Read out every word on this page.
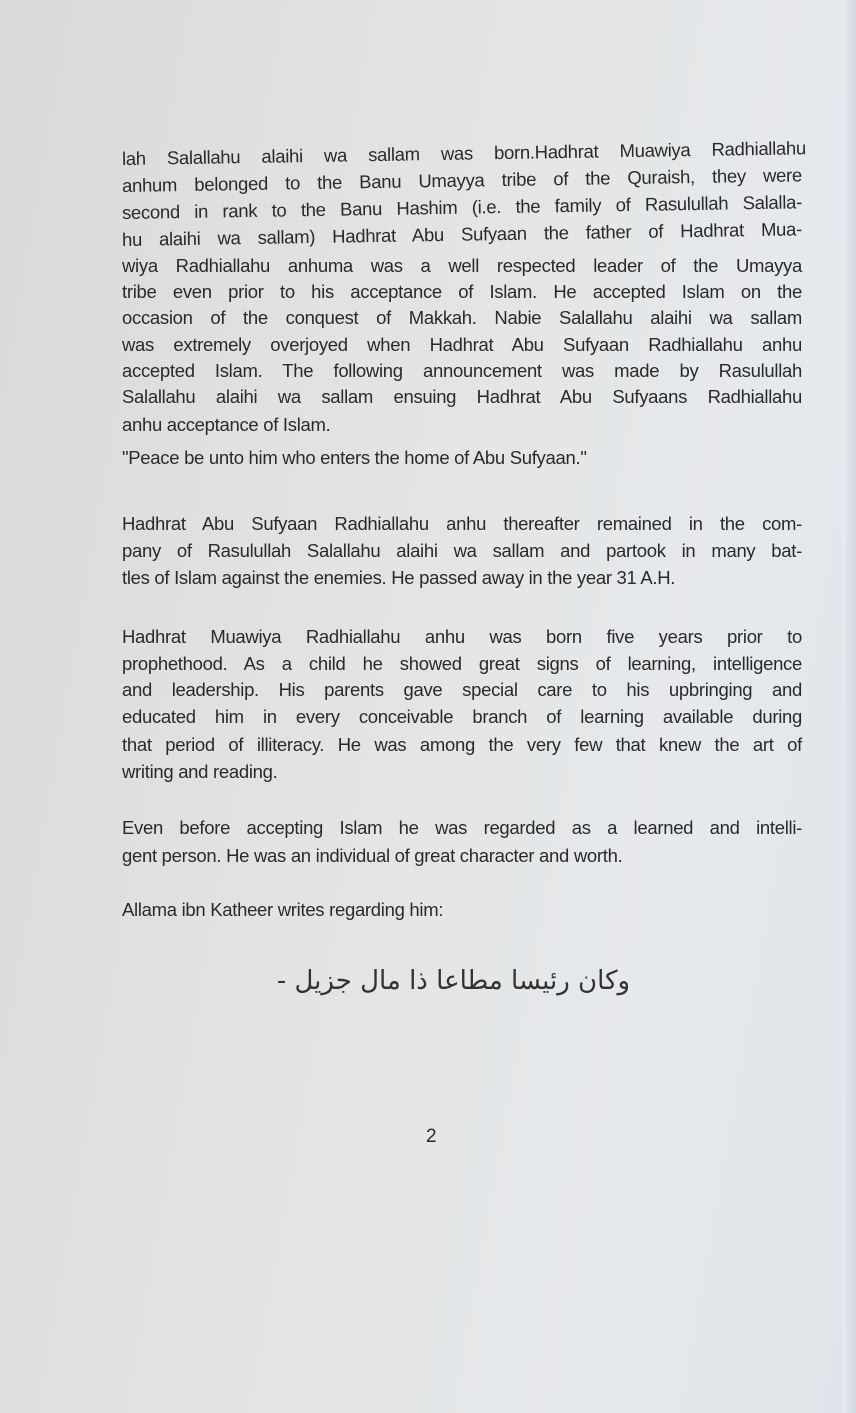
lah Salallahu alaihi wa sallam was born.Hadhrat Muawiya Radhiallahu
anhum belonged to the Banu Umayya tribe of the Quraish, they were
second in rank to the Banu Hashim (i.e. the family of Rasulullah Salalla-
hu alaihi wa sallam) Hadhrat Abu Sufyaan the father of Hadhrat Mua-
wiya Radhiallahu anhuma was a well respected leader of the Umayya
tribe even prior to his acceptance of Islam. He accepted Islam on the
occasion of the conquest of Makkah. Nabie Salallahu alaihi wa sallam
was extremely overjoyed when Hadhrat Abu Sufyaan Radhiallahu anhu
accepted Islam. The following announcement was made by Rasulullah
Salallahu alaihi wa sallam ensuing Hadhrat Abu Sufyaans Radhiallahu
anhu acceptance of Islam.
"Peace be unto him who enters the home of Abu Sufyaan."
Hadhrat Abu Sufyaan Radhiallahu anhu thereafter remained in the com-
pany of Rasulullah Salallahu alaihi wa sallam and partook in many bat-
tles of Islam against the enemies. He passed away in the year 31 A.H.
Hadhrat Muawiya Radhiallahu anhu was born five years prior to
prophethood. As a child he showed great signs of learning, intelligence
and leadership. His parents gave special care to his upbringing and
educated him in every conceivable branch of learning available during
that period of illiteracy. He was among the very few that knew the art of
writing and reading.
Even before accepting Islam he was regarded as a learned and intelli-
gent person. He was an individual of great character and worth.
Allama ibn Katheer writes regarding him:
وكان رئيسا مطاعا ذا مال جزيل -
2
